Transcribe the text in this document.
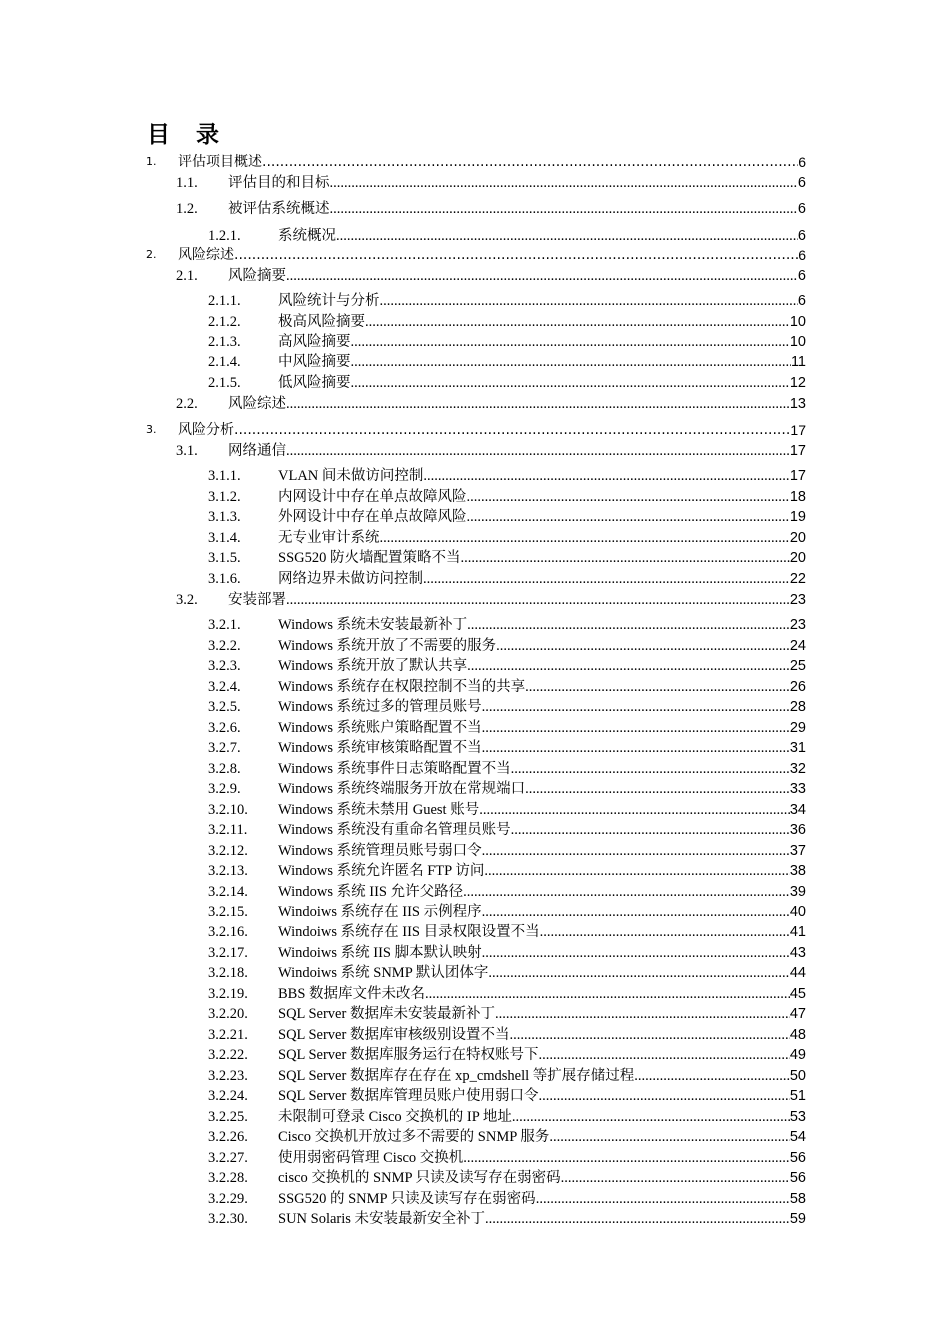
目 录
1. 评估项目概述 .....	6
1.1. 评估目的和目标 .....	6
1.2. 被评估系统概述 .....	6
1.2.1.	系统概况 .....	6
2. 风险综述 .....	6
2.1. 风险摘要 .....	6
2.1.1.	风险统计与分析 .....	6
2.1.2.	极高风险摘要 .....	10
2.1.3.	高风险摘要 .....	10
2.1.4.	中风险摘要 .....	11
2.1.5.	低风险摘要 .....	12
2.2. 风险综述 .....	13
3. 风险分析 .....	17
3.1. 网络通信 .....	17
3.1.1.	VLAN 间未做访问控制 .....	17
3.1.2.	内网设计中存在单点故障风险 .....	18
3.1.3.	外网设计中存在单点故障风险 .....	19
3.1.4.	无专业审计系统 .....	20
3.1.5.	SSG520 防火墙配置策略不当 .....	20
3.1.6.	网络边界未做访问控制 .....	22
3.2. 安装部署 .....	23
3.2.1.	Windows 系统未安装最新补丁 .....	23
3.2.2.	Windows 系统开放了不需要的服务 .....	24
3.2.3.	Windows 系统开放了默认共享 .....	25
3.2.4.	Windows 系统存在权限控制不当的共享 .....	26
3.2.5.	Windows 系统过多的管理员账号 .....	28
3.2.6.	Windows 系统账户策略配置不当 .....	29
3.2.7.	Windows 系统审核策略配置不当 .....	31
3.2.8.	Windows 系统事件日志策略配置不当 .....	32
3.2.9.	Windows 系统终端服务开放在常规端口 .....	33
3.2.10. Windows 系统未禁用 Guest 账号 .....	34
3.2.11. Windows 系统没有重命名管理员账号 .....	36
3.2.12. Windows 系统管理员账号弱口令 .....	37
3.2.13. Windows 系统允许匿名 FTP 访问 .....	38
3.2.14. Windows 系统 IIS 允许父路径 .....	39
3.2.15. Windoiws 系统存在 IIS 示例程序 .....	40
3.2.16. Windoiws 系统存在 IIS 目录权限设置不当 .....	41
3.2.17. Windoiws 系统 IIS 脚本默认映射 .....	43
3.2.18. Windoiws 系统 SNMP 默认团体字 .....	44
3.2.19. BBS 数据库文件未改名 .....	45
3.2.20. SQL Server 数据库未安装最新补丁 .....	47
3.2.21. SQL Server 数据库审核级别设置不当 .....	48
3.2.22. SQL Server 数据库服务运行在特权账号下 .....	49
3.2.23. SQL Server 数据库存在存在 xp_cmdshell 等扩展存储过程 .....	50
3.2.24. SQL Server 数据库管理员账户使用弱口令 .....	51
3.2.25. 未限制可登录 Cisco 交换机的 IP 地址 .....	53
3.2.26. Cisco 交换机开放过多不需要的 SNMP 服务 .....	54
3.2.27. 使用弱密码管理 Cisco 交换机 .....	56
3.2.28. cisco 交换机的 SNMP 只读及读写存在弱密码 .....	56
3.2.29. SSG520 的 SNMP 只读及读写存在弱密码 .....	58
3.2.30. SUN Solaris 未安装最新安全补丁 .....	59
